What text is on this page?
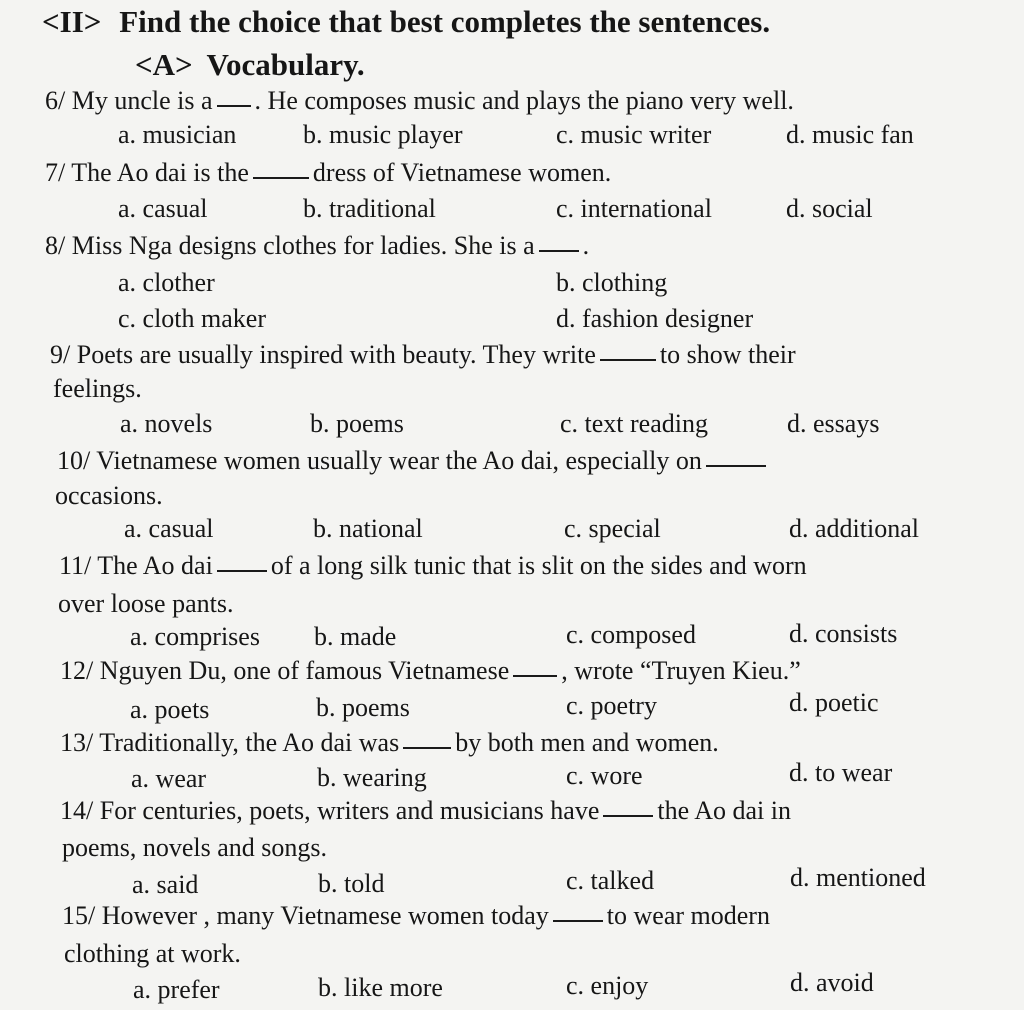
<II> Find the choice that best completes the sentences.
<A> Vocabulary.
6/ My uncle is a . He composes music and plays the piano very well.
a. musician	b. music player	c. music writer	d. music fan
7/ The Ao dai is the dress of Vietnamese women.
a. casual	b. traditional	c. international	d. social
8/ Miss Nga designs clothes for ladies. She is a .
a. clother	b. clothing
c. cloth maker	d. fashion designer
9/ Poets are usually inspired with beauty. They write to show their
feelings.
a. novels	b. poems	c. text reading	d. essays
10/ Vietnamese women usually wear the Ao dai, especially on
occasions.
a. casual	b. national	c. special	d. additional
11/ The Ao dai of a long silk tunic that is slit on the sides and worn
over loose pants.
a. comprises b. made	c. composed	d. consists
12/ Nguyen Du, one of famous Vietnamese , wrote “Truyen Kieu.”
a. poets	b. poems	c. poetry	d. poetic
13/ Traditionally, the Ao dai was by both men and women.
a. wear	b. wearing	c. wore	d. to wear
14/ For centuries, poets, writers and musicians have the Ao dai in
poems, novels and songs.
a. said	b. told	c. talked	d. mentioned
15/ However , many Vietnamese women today to wear modern
clothing at work.
a. prefer	b. like more	c. enjoy	d. avoid
